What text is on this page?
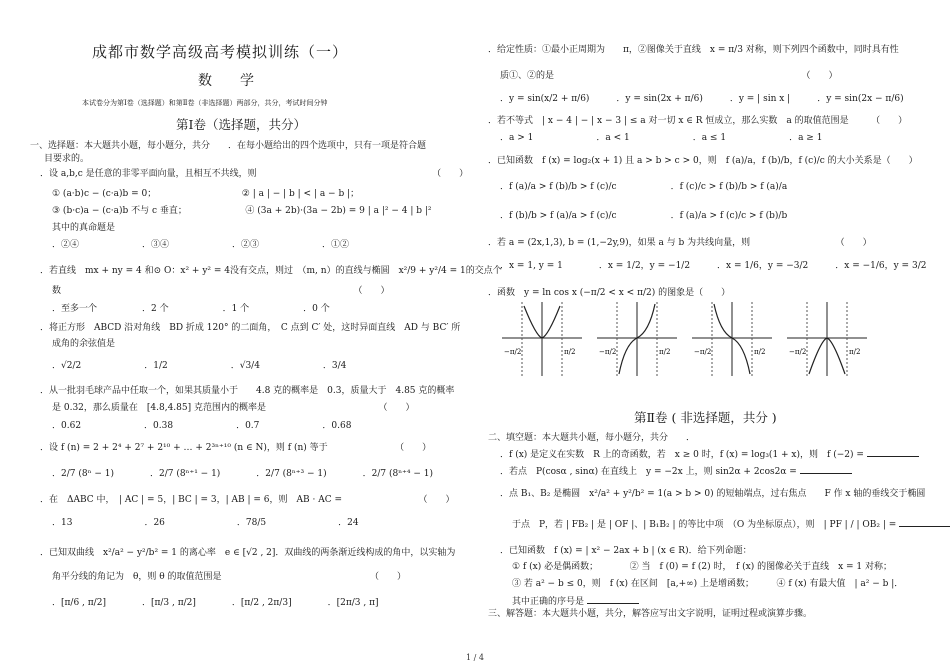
成都市数学高级高考模拟训练（一）
数　　学
本试卷分为第Ⅰ卷（选择题）和第Ⅱ卷（非选择题）两部分，共分，考试时间分钟
第Ⅰ卷（选择题，共分）
一、选择题：本大题共小题，每小题分，共分　　．在每小题给出的四个选项中，只有一项是符合题
目要求的。
．设 a,b,c 是任意的非零平面向量，且相互不共线，则　　　　　　　　　　　　　　　　　　　　（　　）
① (a·b)c − (c·a)b = 0；　　　　　　　　　　② | a | − | b | < | a − b |；
③ (b·c)a − (c·a)b 不与 c 垂直；　　　　　　　④ (3a + 2b)·(3a − 2b) = 9 | a |² − 4 | b |²
其中的真命题是
．②④　　　　　　　．③④　　　　　　　．②③　　　　　　　．①②
．若直线　mx + ny = 4 和⊙ O：x² + y² = 4没有交点，则过　（m, n）的直线与椭圆　x²/9 + y²/4 = 1的交点个
数　　　　　　　　　　　　　　　　　　　　　　　　　　　　　　　　　（　　）
．至多一个　　　　　．2 个　　　　　　．1 个　　　　　　．0 个
．将正方形　ABCD 沿对角线　BD 折成 120° 的二面角，　C 点到 C′ 处，这时异面直线　AD 与 BC′ 所
成角的余弦值是
．√2/2　　　　　　　．1/2　　　　　　　．√3/4　　　　　　　．3/4
．从一批羽毛球产品中任取一个，如果其质量小于　　4.8 克的概率是　0.3，质量大于　4.85 克的概率
是 0.32，那么质量在　[4.8,4.85] 克范围内的概率是　　　　　　　　　　　　　（　　）
．0.62　　　　　　　．0.38　　　　　　　．0.7　　　　　　　．0.68
．设 f (n) = 2 + 2⁴ + 2⁷ + 2¹⁰ + … + 2³ⁿ⁺¹⁰ (n ∈ N)，则 f (n) 等于　　　　　　　　（　　）
．2/7 (8ⁿ − 1)　　　　．2/7 (8ⁿ⁺¹ − 1)　　　　．2/7 (8ⁿ⁺³ − 1)　　　　．2/7 (8ⁿ⁺⁴ − 1)
．在　ΔABC 中，　| AC | = 5，| BC | = 3，| AB | = 6，则　AB · AC =　　　　　　　　　（　　）
．13　　　　　　　　．26　　　　　　　　．78/5　　　　　　　　．24
．已知双曲线　x²/a² − y²/b² = 1 的离心率　e ∈ [√2 , 2]．双曲线的两条渐近线构成的角中，以实轴为
角平分线的角记为　θ，则 θ 的取值范围是　　　　　　　　　　　　　　　　　（　　）
．[π/6 , π/2]　　　　．[π/3 , π/2]　　　　．[π/2 , 2π/3]　　　　．[2π/3 , π]
．给定性质：①最小正周期为　　π，②图像关于直线　x = π/3 对称，则下列四个函数中，同时具有性
质①、②的是　　　　　　　　　　　　　　　　　　　　　　　　　　　　（　　）
．y = sin(x/2 + π/6)　　　．y = sin(2x + π/6)　　　．y = | sin x |　　　．y = sin(2x − π/6)
．若不等式　| x − 4 | − | x − 3 | ≤ a 对一切 x ∈ R 恒成立，那么实数　a 的取值范围是　　　（　　）
．a > 1　　　　　　　．a < 1　　　　　　　．a ≤ 1　　　　　　　．a ≥ 1
．已知函数　f (x) = log₂(x + 1) 且 a > b > c > 0，则　f (a)/a，f (b)/b，f (c)/c 的大小关系是（　　）
．f (a)/a > f (b)/b > f (c)/c　　　　　　．f (c)/c > f (b)/b > f (a)/a
．f (b)/b > f (a)/a > f (c)/c　　　　　　．f (a)/a > f (c)/c > f (b)/b
．若 a = (2x,1,3), b = (1,−2y,9)，如果 a 与 b 为共线向量，则　　　　　　　　　　（　　）
．x = 1, y = 1　　　　．x = 1/2，y = −1/2　　　．x = 1/6，y = −3/2　　　．x = −1/6，y = 3/2
．函数　y = ln cos x (−π/2 < x < π/2) 的图象是（　　）
第Ⅱ卷 ( 非选择题，共分 )
二、填空题：本大题共小题，每小题分，共分　　．
．f (x) 是定义在实数　R 上的奇函数，若　x ≥ 0 时，f (x) = log₃(1 + x)，则　f (−2) =
．若点　P(cosα , sinα) 在直线上　y = −2x 上，则 sin2α + 2cos2α =
．点 B₁、B₂ 是椭圆　x²/a² + y²/b² = 1(a > b > 0) 的短轴端点，过右焦点　　F 作 x 轴的垂线交于椭圆
于点　P，若 | FB₂ | 是 | OF |、| B₁B₂ | 的等比中项　（O 为坐标原点），则　| PF | / | OB₂ | =
．已知函数　f (x) = | x² − 2ax + b | (x ∈ R)．给下列命题：
① f (x) 必是偶函数；　　　　② 当　f (0) = f (2) 时，　f (x) 的图像必关于直线　x = 1 对称；
③ 若 a² − b ≤ 0，则　f (x) 在区间　[a,+∞) 上是增函数；　　　④ f (x) 有最大值　| a² − b |．
其中正确的序号是
三、解答题：本大题共小题，共分，解答应写出文字说明，证明过程或演算步骤。
−π/2	π/2	−π/2	π/2	−π/2	π/2	−π/2	π/2
1 / 4
